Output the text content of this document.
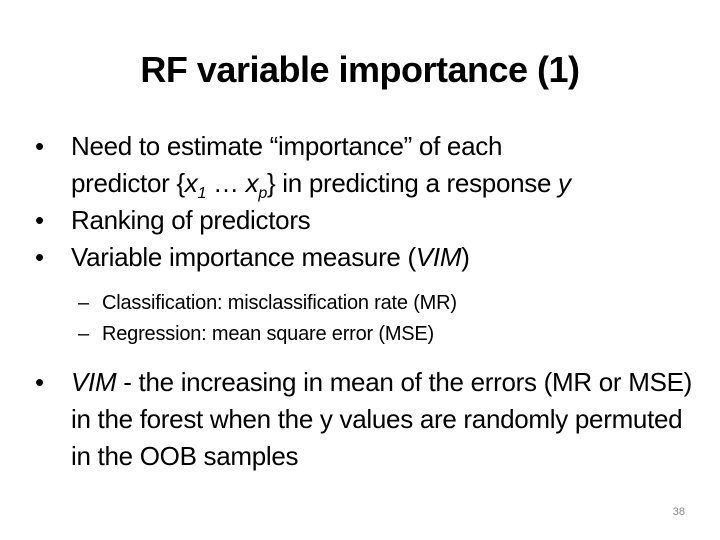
RF variable importance (1)
•	Need to estimate “importance” of each
predictor {$x_1$ … $x_p$} in predicting a response y
•	Ranking of predictors
•	Variable importance measure (VIM)
– Classification: misclassification rate (MR)
– Regression: mean square error (MSE)
•	VIM - the increasing in mean of the errors (MR or MSE) in the forest when the y values are randomly permuted in the OOB samples
38
